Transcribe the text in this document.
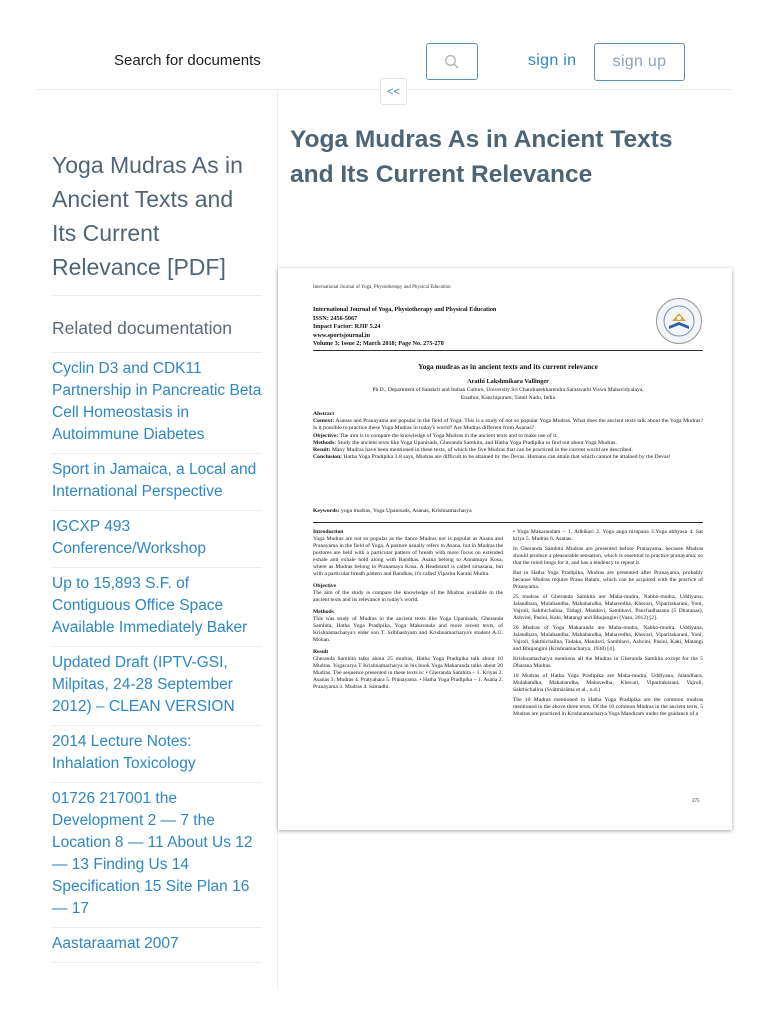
Search for documents	sign in	sign up
<<
Yoga Mudras As in Ancient Texts and Its Current Relevance [PDF]
Related documentation
Cyclin D3 and CDK11 Partnership in Pancreatic Beta Cell Homeostasis in Autoimmune Diabetes
Sport in Jamaica, a Local and International Perspective
IGCXP 493 Conference/Workshop
Up to 15,893 S.F. of Contiguous Office Space Available Immediately Baker
Updated Draft (IPTV-GSI, Milpitas, 24-28 September 2012) – CLEAN VERSION
2014 Lecture Notes: Inhalation Toxicology
01726 217001 the Development 2 — 7 the Location 8 — 11 About Us 12 — 13 Finding Us 14 Specification 15 Site Plan 16 — 17
Aastaraamat 2007
Yoga Mudras As in Ancient Texts and Its Current Relevance
International Journal of Yoga, Physiotherapy and Physical Education
International Journal of Yoga, Physiotherapy and Physical Education
ISSN: 2456-5067
Impact Factor: RJIF 5.24
www.sportsjournal.in
Volume 3; Issue 2; March 2018; Page No. 275-278
Yoga mudras as in ancient texts and its current relevance
Arathi Lakshmikara Vallinger
Ph.D., Department of Sanskrit and Indian Culture, University Sri Chandrasekharendra Saraswathi Viswa Mahavidyalaya,
Enathur, Kanchipuram, Tamil Nadu, India
Abstract
Context: Asanas and Pranayama are popular in the field of Yoga. This is a study of not so popular Yoga Mudras. What does the ancient texts talk about the Yoga Mudras? Is it possible to practice these Yoga Mudras in today's world? Are Mudras different from Asanas?
Objective: The aim is to compare the knowledge of Yoga Mudras in the ancient texts and to make use of it.
Methods: Study the ancient texts like Yoga Upanisads, Gheranda Samhita, and Hatha Yoga Pradipika to find out about Yoga Mudras.
Result: Many Mudras have been mentioned in these texts, of which the five Mudras that can be practiced in the current world are described.
Conclusion: Hatha Yoga Pradipika 3.8 says, Mudras are difficult to be attained by the Devas. Humans can attain that which cannot be attained by the Devas!
Keywords: yoga mudras, Yoga Upanisads, Asanas, Krishnamacharya
Introduction

Yoga Mudras are not so popular as the dance Mudras nor is popular as Asana and Pranayama in the field of Yoga. A posture usually refers to Asana, but in Mudras the postures are held with a particular pattern of breath with more focus on extended exhale and exhale hold along with Bandhas. Asana belong to Annamaya Kosa, where as Mudras belong to Pranamaya Kosa. A Headstand is called sirsasana, but with a particular breath pattern and Bandhas, it's called Viparita Karani Mudra.

Objective

The aim of the study is compare the knowledge of the Mudras available in the ancient texts and its relevance in today's world.

Methods

This was study of Mudras in the ancient texts like Yoga Upanisads, Gheranda Samhita, Hatha Yoga Pradipika, Yoga Makaranda and more recent texts, of Krishnamacharya's elder son T. Sribhashyam and Krishnamacharya's student A.G. Mohan.

Result

Gheranda Samhita talks about 25 mudras, Hatha Yoga Pradipika talk about 10 Mudras. Yogacarya T Krishnamacharya in his book Yoga Makaranda talks about 20 Mudras. The sequence presented in these texts is: • Gheranda Samhita – 1. Kriyas 2. Asanas 3. Mudras 4. Pratyahara 5. Pranayama. • Hatha Yoga Pradipika – 1. Asana 2. Pranayama 3. Mudras 4. Samadhi.

• Yoga Makarandam – 1. Adhikari 2. Yoga anga nirupana 3.Yoga abhyasa 4. Sat kriya 5. Mudras 6. Asanas.

In Gheranda Samhita Mudras are presented before Pranayama, because Mudras should produce a pleasurable sensation, which is essential to practice pranayama; so that the mind longs for it, and has a tendency to repeat it.

But in Hatha Yoga Pradipika, Mudras are presented after Pranayama, probably because Mudras require Prana Balam, which can be acquired with the practice of Pranayama.

25 mudras of Gheranda Samhita are Maha-mudra, Nabho-mudra, Uddiyana, Jalandhara, Mulabandha, Mahabandha, Mahavedha, Khecari, Viparitakarani, Yoni, Vajroli, Sakthichalina, Tadagi, Mandavi, Sambhavi, Panchadharana (5 Dharanas), Ashvini, Pasini, Kaki, Matangi and Bhujangini (Vasu, 2012) [2].

20 Mudras of Yoga Makaranda are Maha-mudra, Nabho-mudra, Uddiyana, Jalandhara, Mulabandha, Mahabandha, Mahavedha, Khecari, Viparitakarani, Yoni, Vajroli, Sakthichalina, Tadaka, Mandavi, Sambhavi, Ashvini, Pasini, Kaki, Matangi and Bhujangini (Krishnamacharya, 1938) [4].

Krishnamacharya mentions all the Mudras in Gheranda Samhita except for the 5 Dharana Mudras.

10 Mudras of Hatha Yoga Pradipika are Maha-mudra, Uddiyana, Jalandhara, Mulabandha, Mahabandha, Mahavedha, Khecari, Viparitakarani, Vajroli, Sakthichalina (Svātmārāma et al., n.d.)

The 10 Mudras mentioned in Hatha Yoga Pradipika are the common mudras mentioned in the above three texts. Of the 10 common Mudras in the ancient texts, 5 Mudras are practiced in Krishnamacharya Yoga Mandiram under the guidance of a

275
